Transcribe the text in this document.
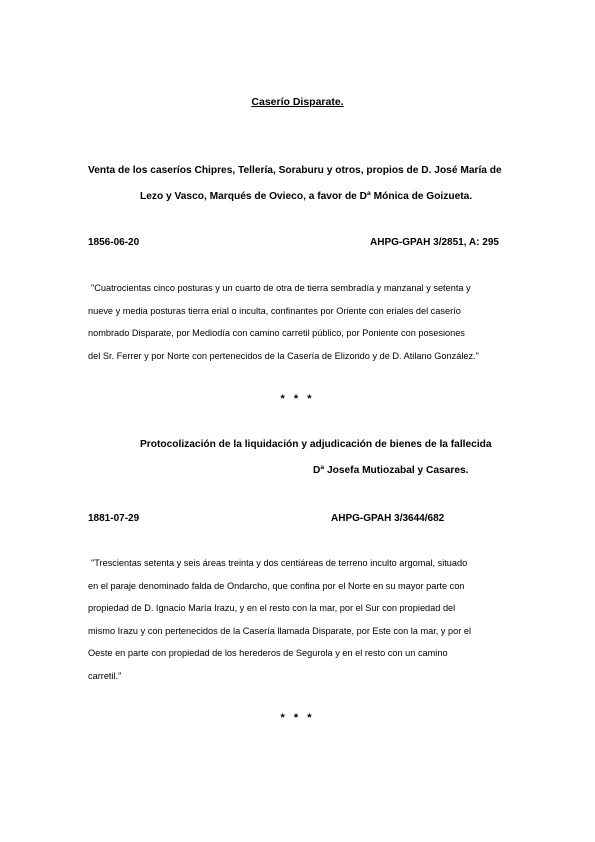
Caserío Disparate.
Venta de los caseríos Chipres, Tellería, Soraburu y otros, propios de D. José María de
Lezo y Vasco, Marqués de Ovieco, a favor de Dª Mónica de Goizueta.
1856-06-20	AHPG-GPAH 3/2851, A: 295
"Cuatrocientas cinco posturas y un cuarto de otra de tierra sembradía y manzanal y setenta y
nueve y media posturas tierra erial o inculta, confinantes por Oriente con eriales del caserío
nombrado Disparate, por Mediodía con camino carretil público, por Poniente con posesiones
del Sr. Ferrer y por Norte con pertenecidos de la Casería de Elizondo y de D. Atilano González."
* * *
Protocolización de la liquidación y adjudicación de bienes de la fallecida
Dª Josefa Mutiozabal y Casares.
1881-07-29	AHPG-GPAH 3/3644/682
"Trescientas setenta y seis áreas treinta y dos centiáreas de terreno inculto argomal, situado
en el paraje denominado falda de Ondarcho, que confina por el Norte en su mayor parte con
propiedad de D. Ignacio María Irazu, y en el resto con la mar, por el Sur con propiedad del
mismo Irazu y con pertenecidos de la Casería llamada Disparate, por Este con la mar, y por el
Oeste en parte con propiedad de los herederos de Segurola y en el resto con un camino
carretil."
* * *
